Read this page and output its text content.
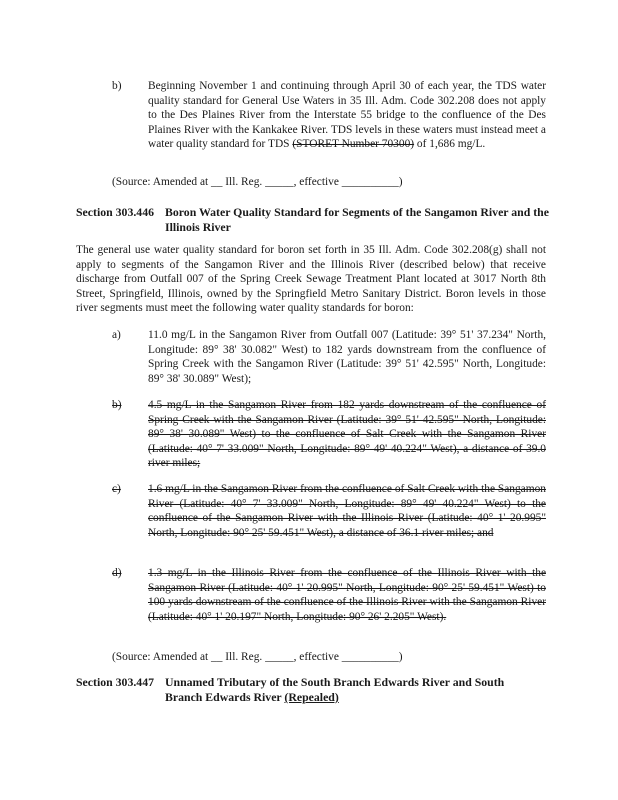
b) Beginning November 1 and continuing through April 30 of each year, the TDS water quality standard for General Use Waters in 35 Ill. Adm. Code 302.208 does not apply to the Des Plaines River from the Interstate 55 bridge to the confluence of the Des Plaines River with the Kankakee River. TDS levels in these waters must instead meet a water quality standard for TDS (STORET Number 70300) of 1,686 mg/L.
(Source: Amended at __ Ill. Reg. _____, effective __________)
Section 303.446 Boron Water Quality Standard for Segments of the Sangamon River and the Illinois River
The general use water quality standard for boron set forth in 35 Ill. Adm. Code 302.208(g) shall not apply to segments of the Sangamon River and the Illinois River (described below) that receive discharge from Outfall 007 of the Spring Creek Sewage Treatment Plant located at 3017 North 8th Street, Springfield, Illinois, owned by the Springfield Metro Sanitary District. Boron levels in those river segments must meet the following water quality standards for boron:
a) 11.0 mg/L in the Sangamon River from Outfall 007 (Latitude: 39° 51' 37.234" North, Longitude: 89° 38' 30.082" West) to 182 yards downstream from the confluence of Spring Creek with the Sangamon River (Latitude: 39° 51' 42.595" North, Longitude: 89° 38' 30.089" West);
b) 4.5 mg/L in the Sangamon River from 182 yards downstream of the confluence of Spring Creek with the Sangamon River (Latitude: 39° 51' 42.595" North, Longitude: 89° 38' 30.089" West) to the confluence of Salt Creek with the Sangamon River (Latitude: 40° 7' 33.009" North, Longitude: 89° 49' 40.224" West), a distance of 39.0 river miles;
c) 1.6 mg/L in the Sangamon River from the confluence of Salt Creek with the Sangamon River (Latitude: 40° 7' 33.009" North, Longitude: 89° 49' 40.224" West) to the confluence of the Sangamon River with the Illinois River (Latitude: 40° 1' 20.995" North, Longitude: 90° 25' 59.451" West), a distance of 36.1 river miles; and
d) 1.3 mg/L in the Illinois River from the confluence of the Illinois River with the Sangamon River (Latitude: 40° 1' 20.995" North, Longitude: 90° 25' 59.451" West) to 100 yards downstream of the confluence of the Illinois River with the Sangamon River (Latitude: 40° 1' 20.197" North, Longitude: 90° 26' 2.205" West).
(Source: Amended at __ Ill. Reg. _____, effective __________)
Section 303.447 Unnamed Tributary of the South Branch Edwards River and South Branch Edwards River (Repealed)
